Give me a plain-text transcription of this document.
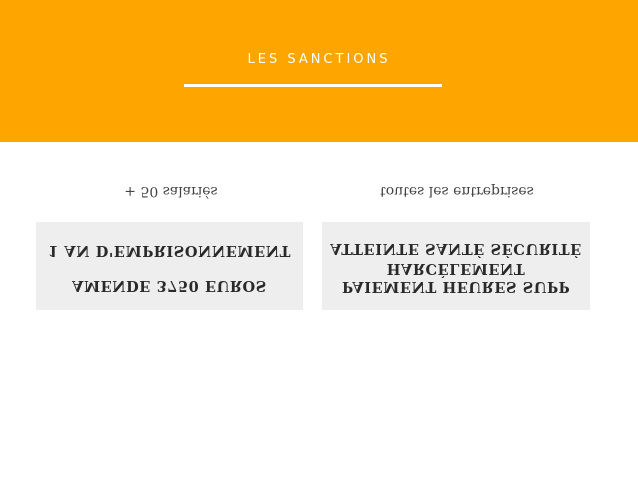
LES SANCTIONS
+ 50 salariés
1 AN D'EMPRISONNEMENT
AMENDE 3750 EUROS
toutes les entreprises
ATTEINTE SANTÉ SÉCURITÉ
HARCÈLEMENT
PAIEMENT HEURES SUPP
